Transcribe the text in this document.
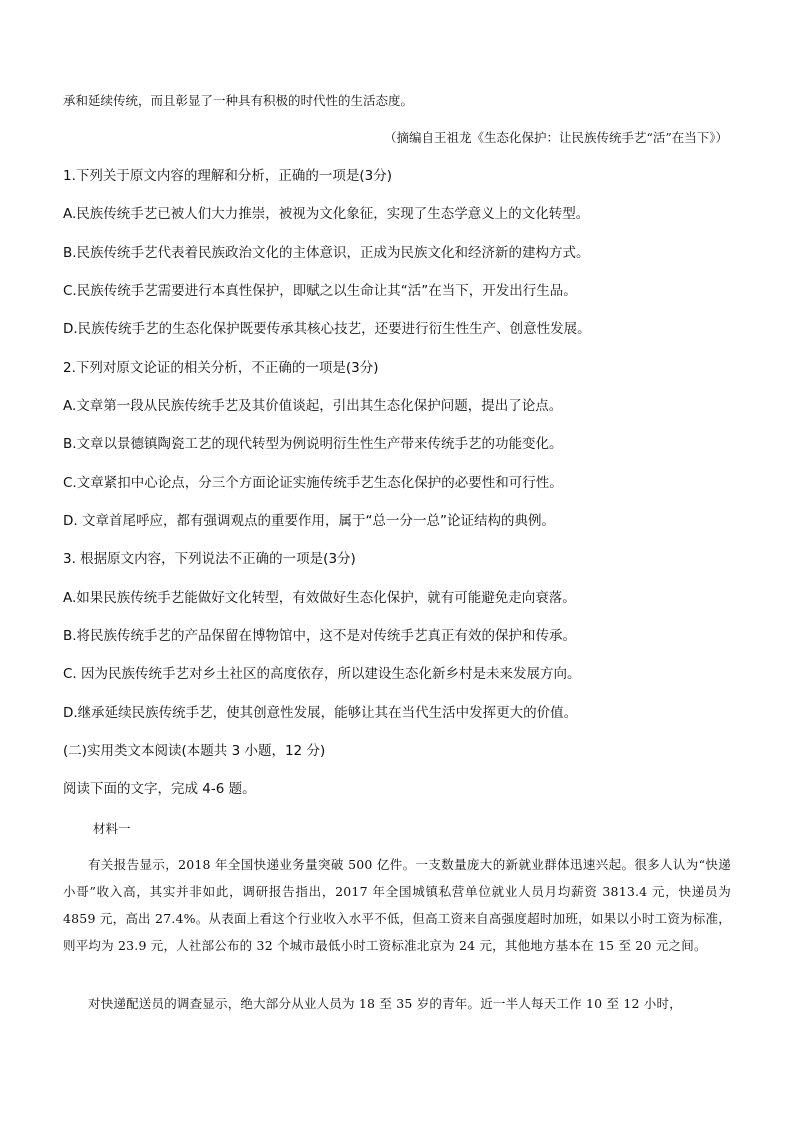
承和延续传统，而且彰显了一种具有积极的时代性的生活态度。
（摘编自王祖龙《生态化保护：让民族传统手艺“活”在当下》）
1.下列关于原文内容的理解和分析，正确的一项是(3分)
A.民族传统手艺已被人们大力推崇，被视为文化象征，实现了生态学意义上的文化转型。
B.民族传统手艺代表着民族政治文化的主体意识，正成为民族文化和经济新的建构方式。
C.民族传统手艺需要进行本真性保护，即赋之以生命让其“活”在当下，开发出行生品。
D.民族传统手艺的生态化保护既要传承其核心技艺，还要进行衍生性生产、创意性发展。
2.下列对原文论证的相关分析，不正确的一项是(3分)
A.文章第一段从民族传统手艺及其价值谈起，引出其生态化保护问题，提出了论点。
B.文章以景德镇陶瓷工艺的现代转型为例说明衍生性生产带来传统手艺的功能变化。
C.文章紧扣中心论点，分三个方面论证实施传统手艺生态化保护的必要性和可行性。
D. 文章首尾呼应，都有强调观点的重要作用，属于“总一分一总”论证结构的典例。
3. 根据原文内容，下列说法不正确的一项是(3分)
A.如果民族传统手艺能做好文化转型，有效做好生态化保护，就有可能避免走向衰落。
B.将民族传统手艺的产品保留在博物馆中，这不是对传统手艺真正有效的保护和传承。
C. 因为民族传统手艺对乡土社区的高度依存，所以建设生态化新乡村是未来发展方向。
D.继承延续民族传统手艺，使其创意性发展，能够让其在当代生活中发挥更大的价值。
(二)实用类文本阅读(本题共 3 小题，12 分)
阅读下面的文字，完成 4-6 题。
材料一
有关报告显示，2018 年全国快递业务量突破 500 亿件。一支数量庞大的新就业群体迅速兴起。很多人认为“快递小哥”收入高，其实并非如此，调研报告指出，2017 年全国城镇私营单位就业人员月均薪资 3813.4 元，快递员为 4859 元，高出 27.4%。从表面上看这个行业收入水平不低，但高工资来自高强度超时加班，如果以小时工资为标准，则平均为 23.9 元，人社部公布的 32 个城市最低小时工资标准北京为 24 元，其他地方基本在 15 至 20 元之间。
对快递配送员的调查显示，绝大部分从业人员为 18 至 35 岁的青年。近一半人每天工作 10 至 12 小时，
